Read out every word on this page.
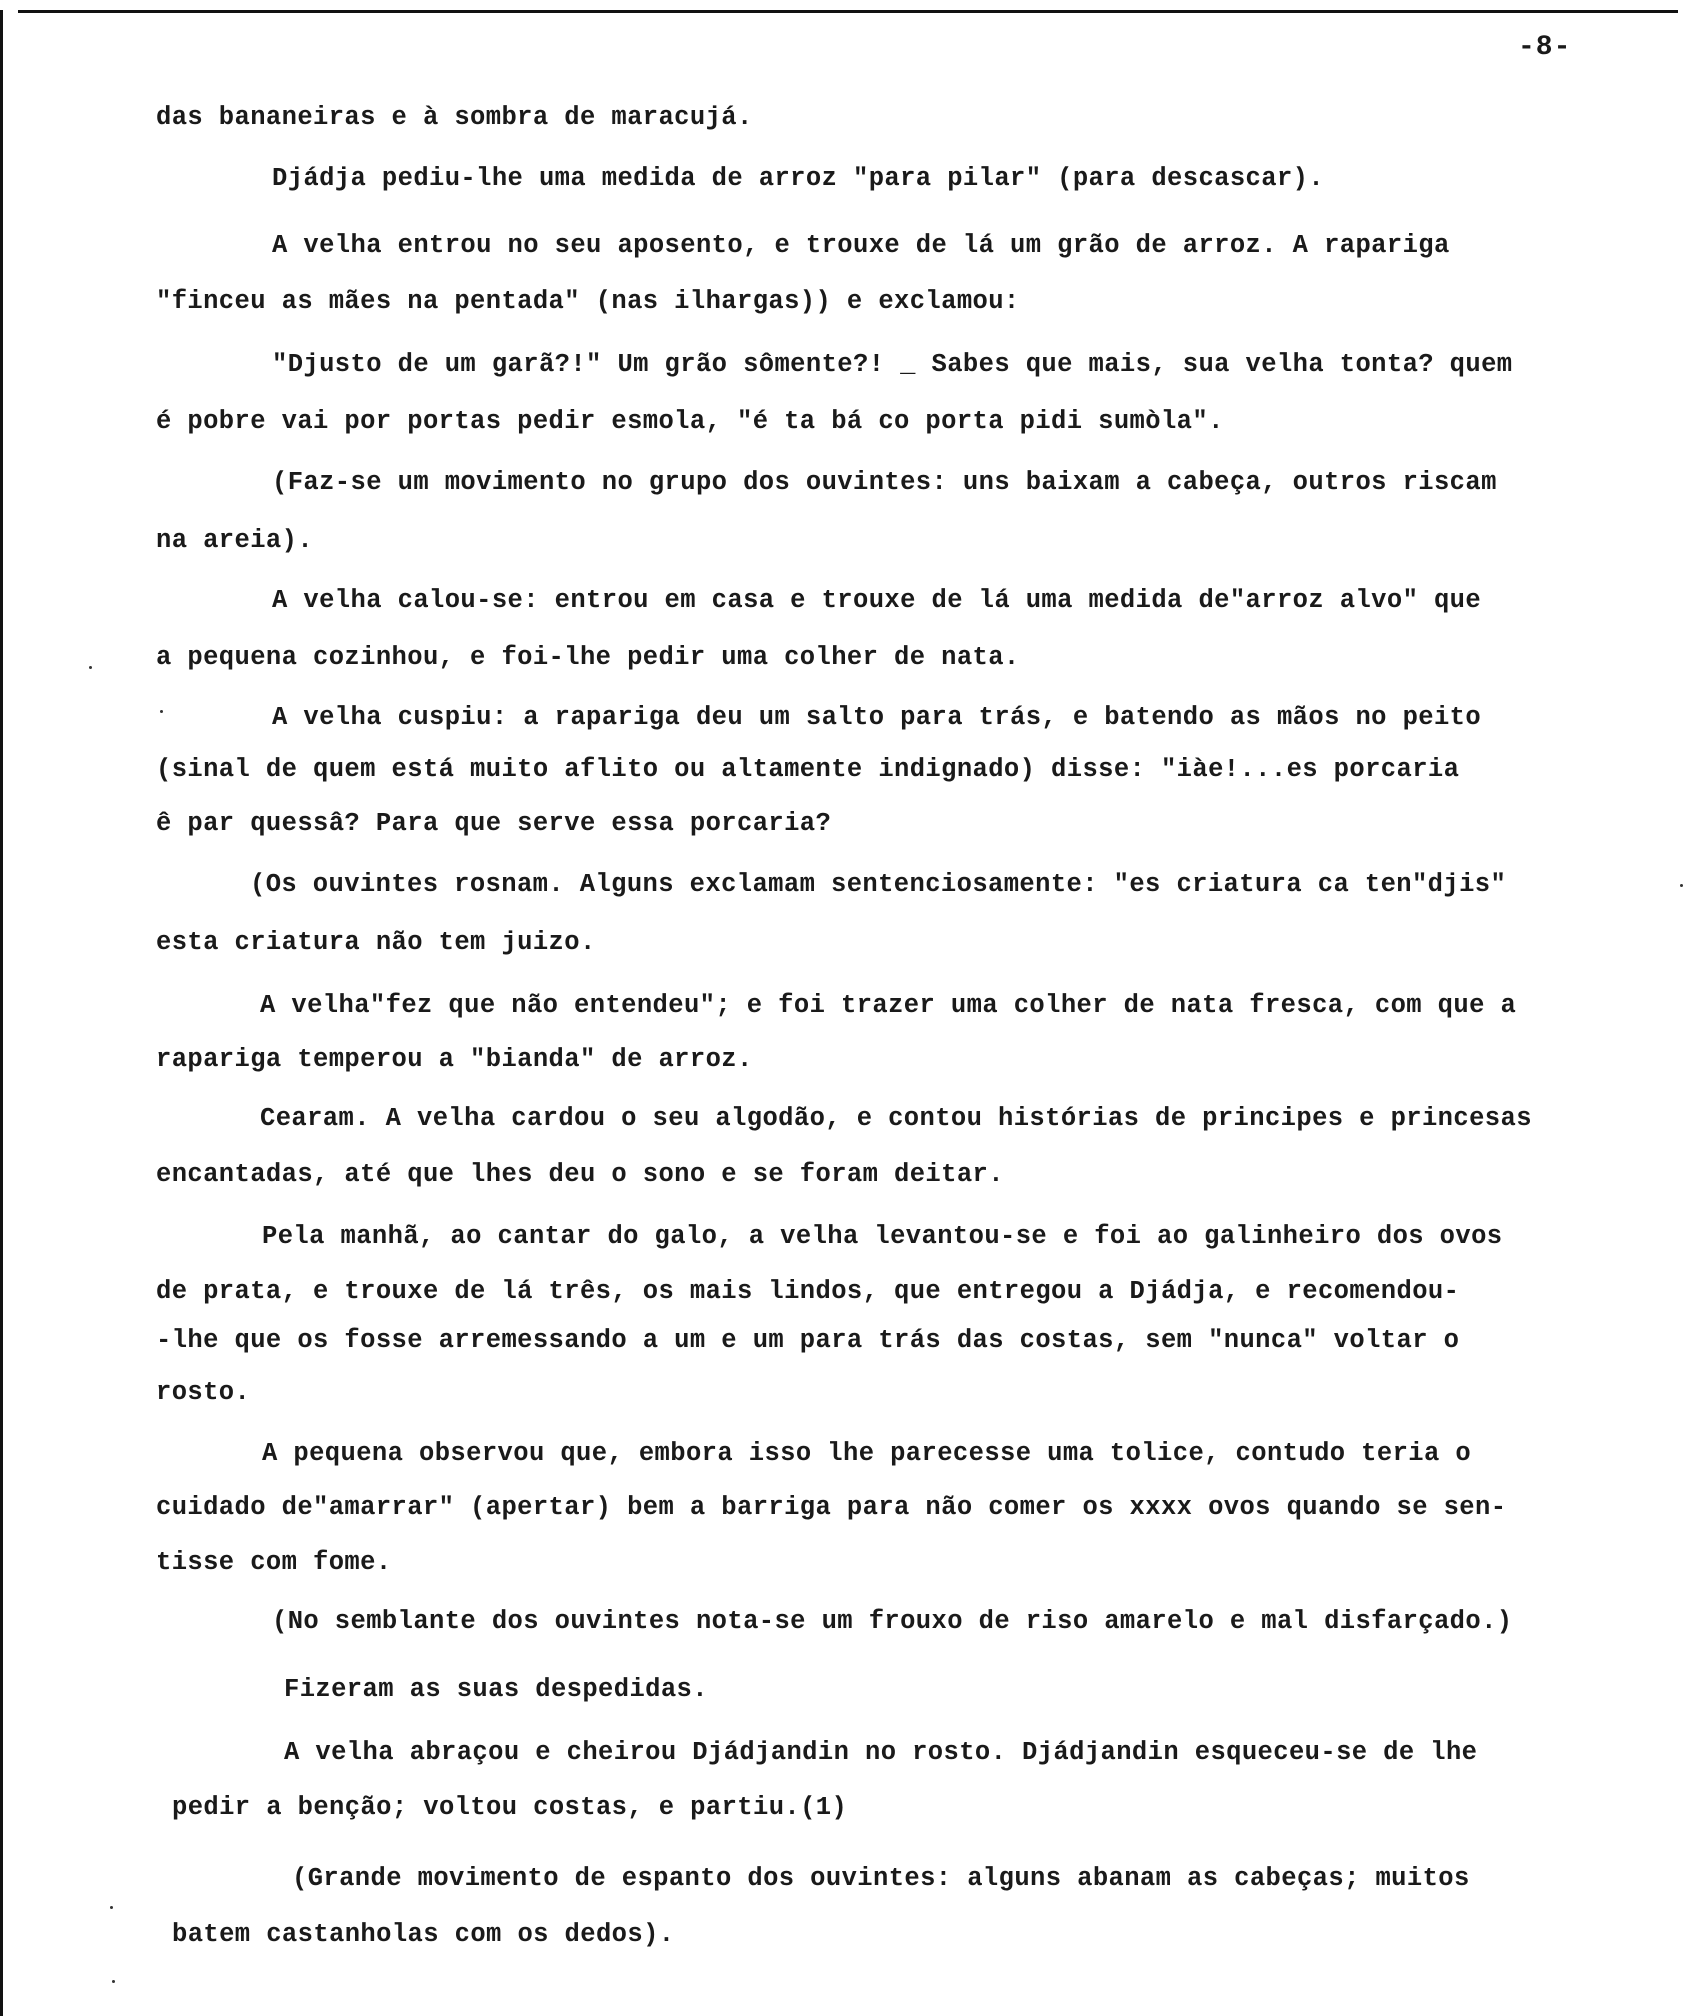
-8-
das bananeiras e à sombra de maracujá.
Djádja pediu-lhe uma medida de arroz "para pilar" (para descascar).
A velha entrou no seu aposento, e trouxe de lá um grão de arroz. A rapariga
"finceu as mães na pentada" (nas ilhargas)) e exclamou:
"Djusto de um garã?!" Um grão sômente?! _ Sabes que mais, sua velha tonta? quem
é pobre vai por portas pedir esmola, "é ta bá co porta pidi sumòla".
(Faz-se um movimento no grupo dos ouvintes: uns baixam a cabeça, outros riscam
na areia).
A velha calou-se: entrou em casa e trouxe de lá uma medida de"arroz alvo" que
a pequena cozinhou, e foi-lhe pedir uma colher de nata.
A velha cuspiu: a rapariga deu um salto para trás, e batendo as mãos no peito
(sinal de quem está muito aflito ou altamente indignado) disse: "iàe!...es porcaria
ê par quessâ? Para que serve essa porcaria?
(Os ouvintes rosnam. Alguns exclamam sentenciosamente: "es criatura ca ten"djis"
esta criatura não tem juizo.
A velha"fez que não entendeu"; e foi trazer uma colher de nata fresca, com que a
rapariga temperou a "bianda" de arroz.
Cearam. A velha cardou o seu algodão, e contou histórias de principes e princesas
encantadas, até que lhes deu o sono e se foram deitar.
Pela manhã, ao cantar do galo, a velha levantou-se e foi ao galinheiro dos ovos
de prata, e trouxe de lá três, os mais lindos, que entregou a Djádja, e recomendou-
-lhe que os fosse arremessando a um e um para trás das costas, sem "nunca" voltar o
rosto.
A pequena observou que, embora isso lhe parecesse uma tolice, contudo teria o
cuidado de"amarrar" (apertar) bem a barriga para não comer os xxxx ovos quando se sen-
tisse com fome.
(No semblante dos ouvintes nota-se um frouxo de riso amarelo e mal disfarçado.)
Fizeram as suas despedidas.
A velha abraçou e cheirou Djádjandin no rosto. Djádjandin esqueceu-se de lhe
pedir a benção; voltou costas, e partiu.(1)
(Grande movimento de espanto dos ouvintes: alguns abanam as cabeças; muitos
batem castanholas com os dedos).
